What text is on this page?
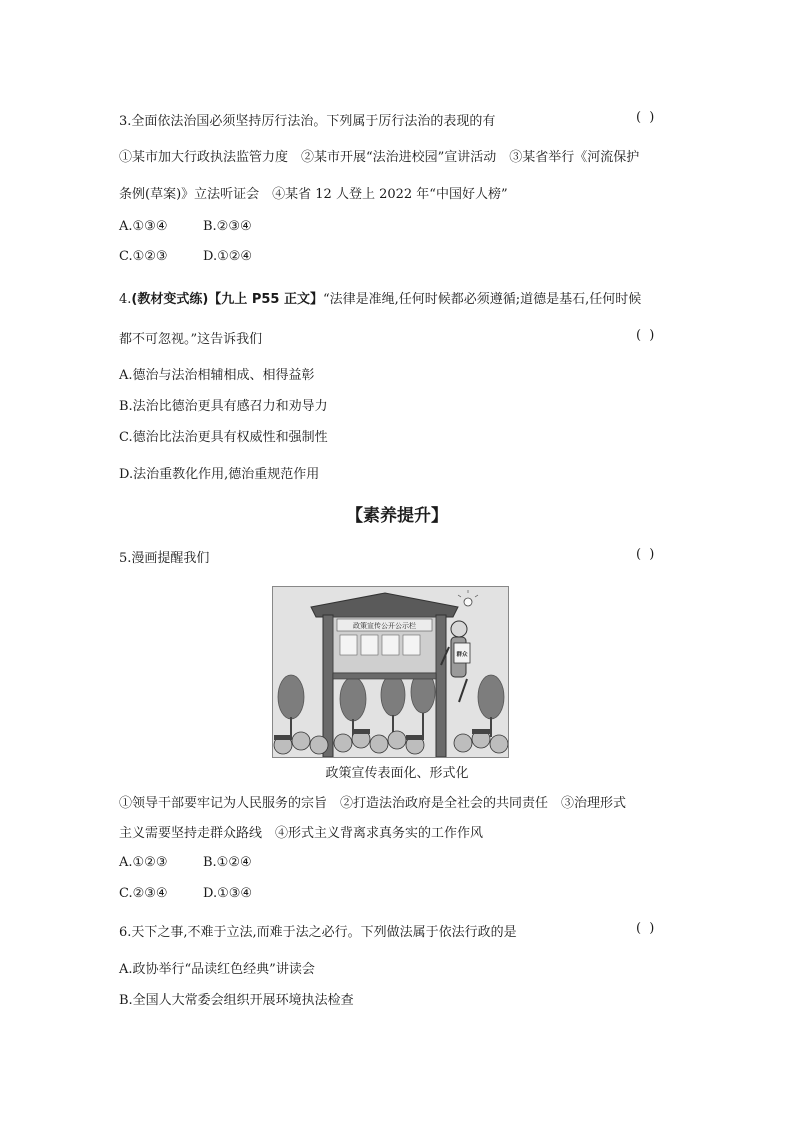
3.全面依法治国必须坚持厉行法治。下列属于厉行法治的表现的有	( )
①某市加大行政执法监管力度　②某市开展“法治进校园”宣讲活动　③某省举行《河流保护
条例(草案)》立法听证会　④某省 12 人登上 2022 年“中国好人榜”
A.①③④	B.②③④
C.①②③	D.①②④
4.(教材变式练)【九上 P55 正文】“法律是准绳,任何时候都必须遵循;道德是基石,任何时候
都不可忽视。”这告诉我们	( )
A.德治与法治相辅相成、相得益彰
B.法治比德治更具有感召力和劝导力
C.德治比法治更具有权威性和强制性
D.法治重教化作用,德治重规范作用
【素养提升】
5.漫画提醒我们	( )
政策宣传公开公示栏
群众
政策宣传表面化、形式化
①领导干部要牢记为人民服务的宗旨　②打造法治政府是全社会的共同责任　③治理形式
主义需要坚持走群众路线　④形式主义背离求真务实的工作作风
A.①②③	B.①②④
C.②③④	D.①③④
6.天下之事,不难于立法,而难于法之必行。下列做法属于依法行政的是	( )
A.政协举行“品读红色经典”讲读会
B.全国人大常委会组织开展环境执法检查
